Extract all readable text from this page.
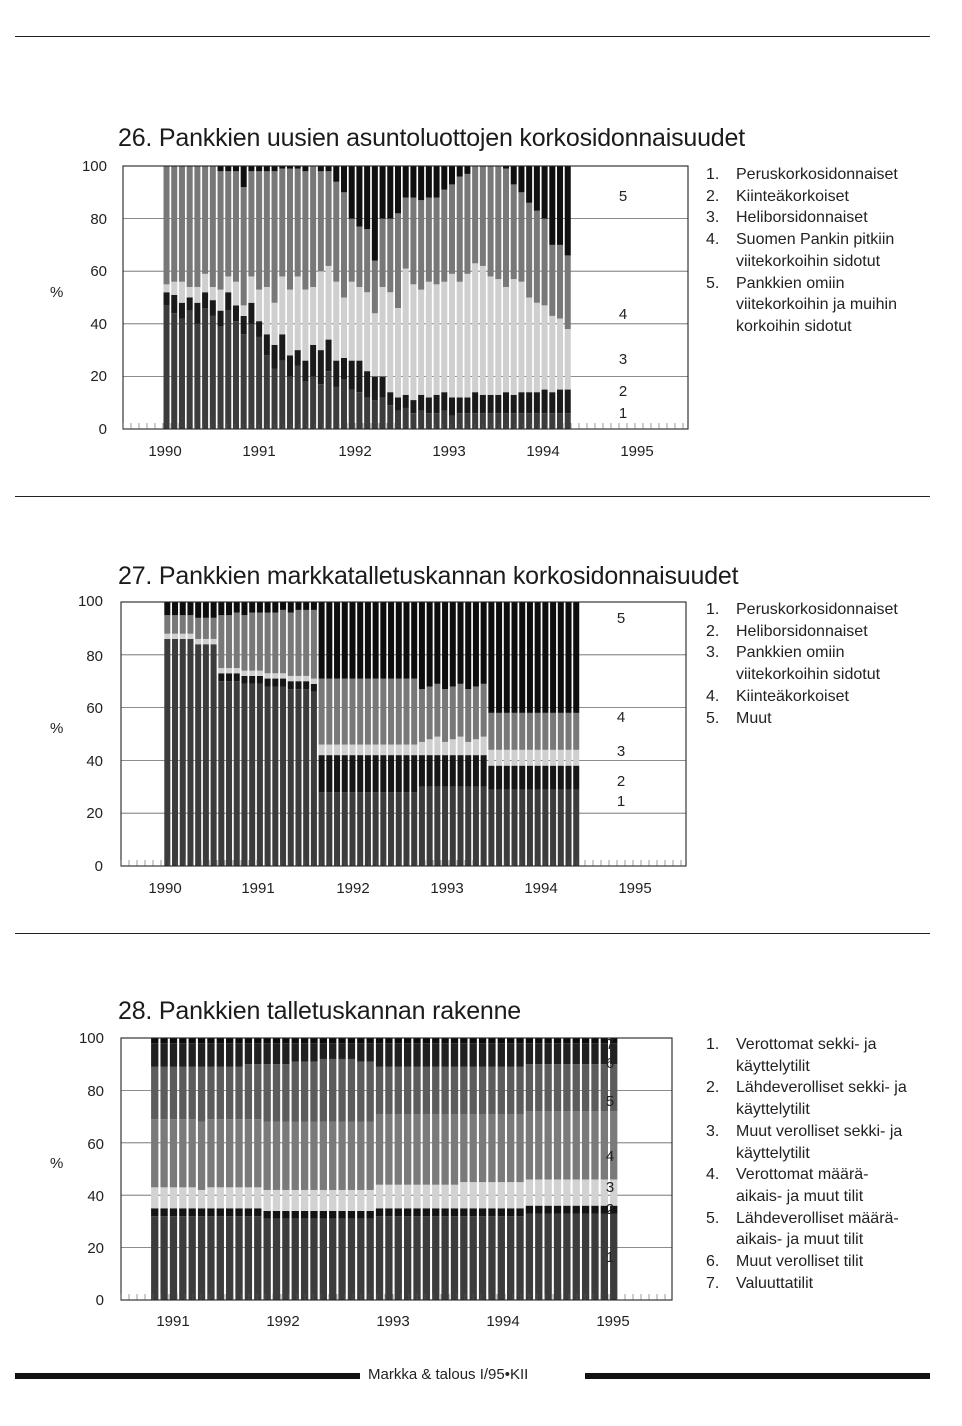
26. Pankkien uusien asuntoluottojen korkosidonnaisuudet
%
0
20
40
60
80
100
1990	1991	1992	1993	1994	1995
1
2
3
4
5
1.	Peruskorkosidonnaiset
2.	Kiinteäkorkoiset
3.	Heliborsidonnaiset
4.	Suomen Pankin pitkiin viitekorkoihin sidotut
5.	Pankkien omiin viitekorkoihin ja muihin korkoihin sidotut
27. Pankkien markkatalletuskannan korkosidonnaisuudet
%
0
20
40
60
80
100
1990	1991	1992	1993	1994	1995
1
2
3
4
5
1.	Peruskorkosidonnaiset
2.	Heliborsidonnaiset
3.	Pankkien omiin viitekorkoihin sidotut
4.	Kiinteäkorkoiset
5.	Muut
28. Pankkien talletuskannan rakenne
%
0
20
40
60
80
100
1991	1992	1993	1994	1995
1
2
3
4
5
6
7	1.	Verottomat sekki- ja käyttelytilit
2.	Lähdeverolliset sekki- ja käyttelytilit
3.	Muut verolliset sekki- ja käyttelytilit
4.	Verottomat määrä-aikais- ja muut tilit
5.	Lähdeverolliset määrä-aikais- ja muut tilit
6.	Muut verolliset tilit
7.	Valuuttatilit
Markka & talous I/95•KII
